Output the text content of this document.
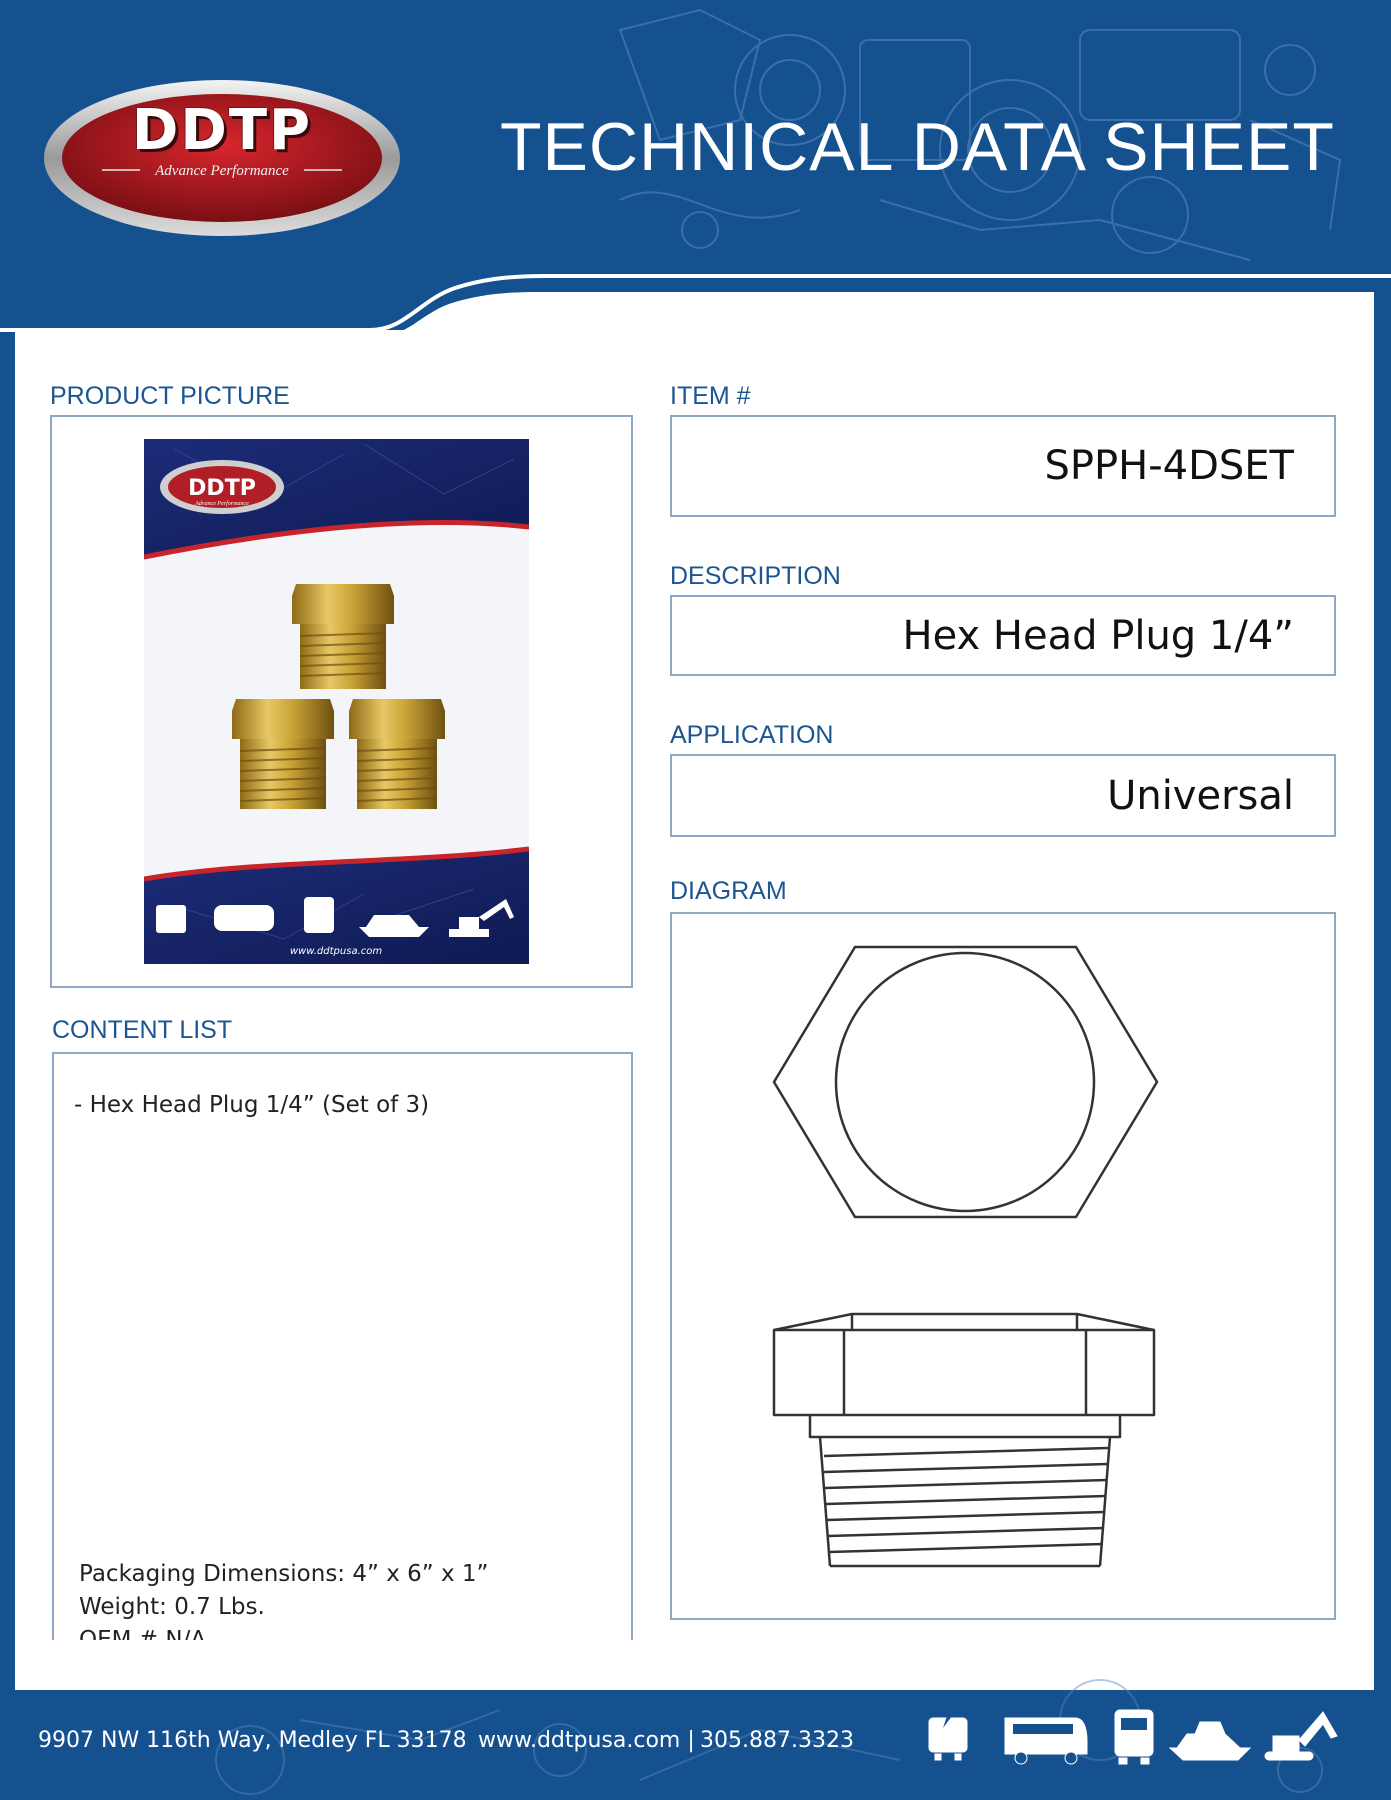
DDTP
Advance Performance	TECHNICAL DATA SHEET
PRODUCT PICTURE
DDTP
Advance Performance
www.ddtpusa.com
ITEM #
SPPH-4DSET
DESCRIPTION
Hex Head Plug 1/4”
APPLICATION
Universal
DIAGRAM
CONTENT LIST
- Hex Head Plug 1/4” (Set of 3)
Packaging Dimensions: 4” x 6” x 1”
Weight: 0.7 Lbs.
9907 NW 116th Way, Medley FL 33178 www.ddtpusa.com | 305.887.3323
